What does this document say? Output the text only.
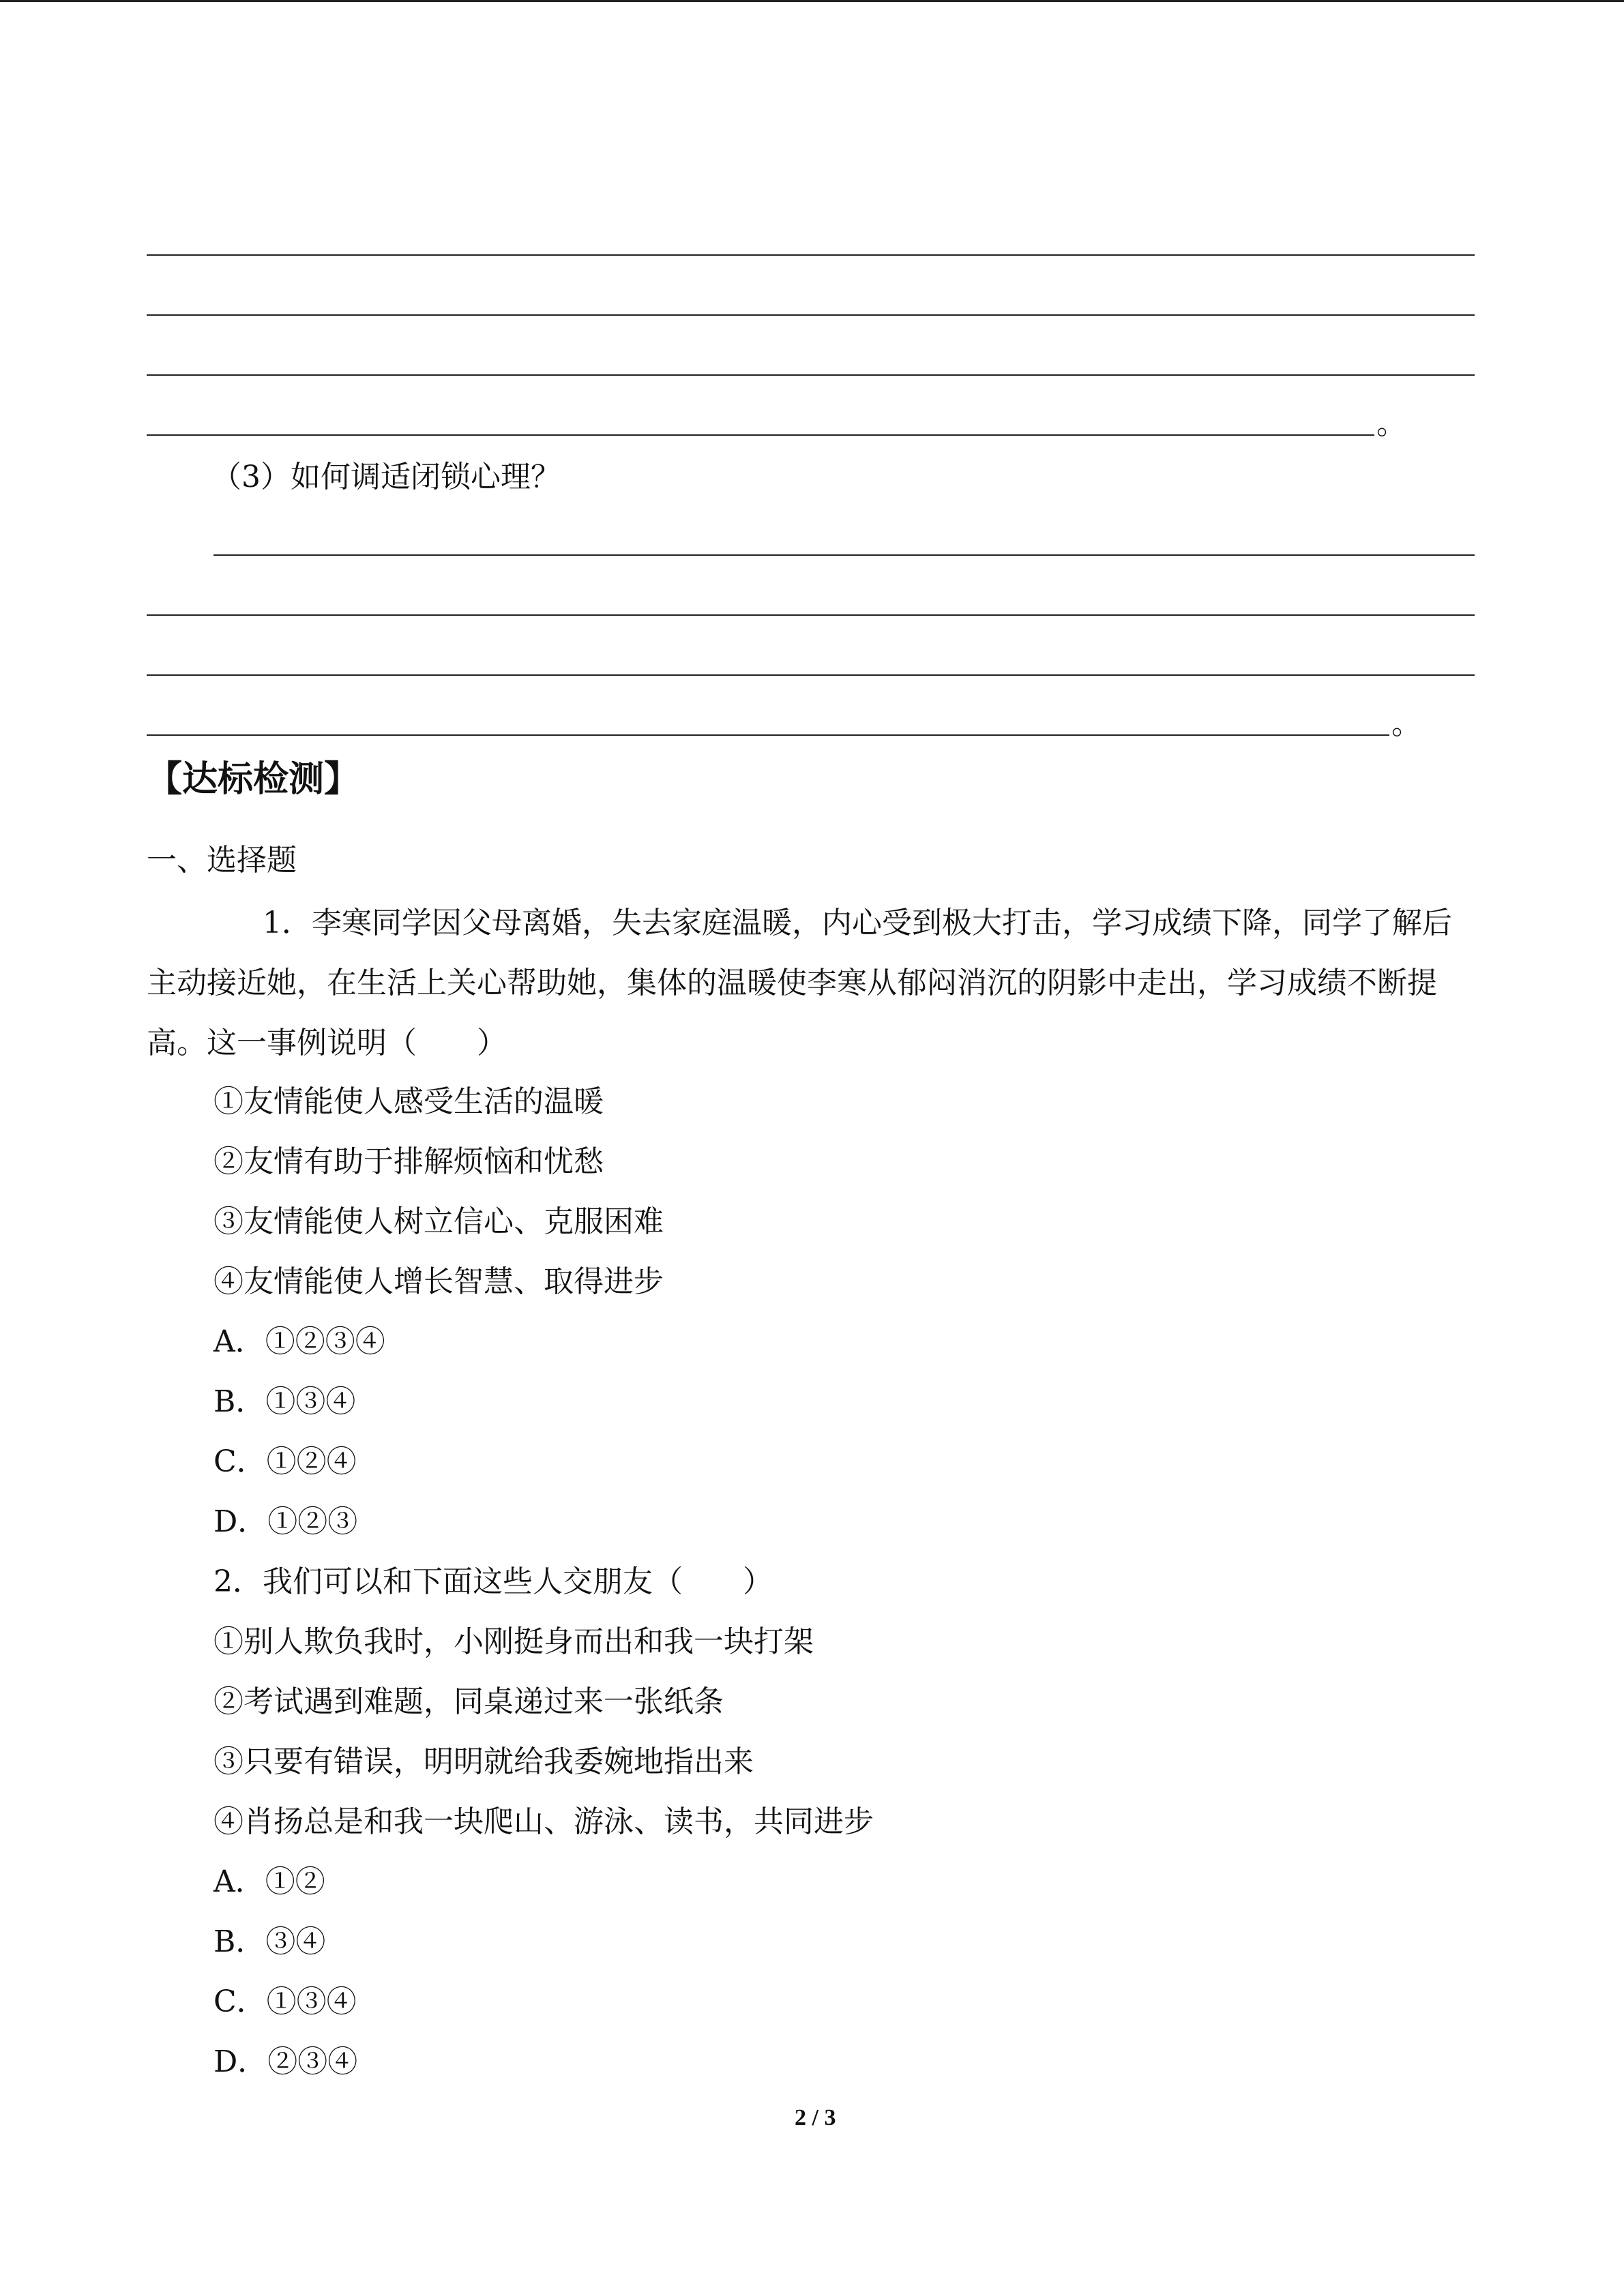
。
（3）如何调适闭锁心理？
。
【达标检测】
一、选择题
1．李寒同学因父母离婚，失去家庭温暖，内心受到极大打击，学习成绩下降，同学了解后主动接近她，在生活上关心帮助她，集体的温暖使李寒从郁闷消沉的阴影中走出，学习成绩不断提高。这一事例说明（　　）
①友情能使人感受生活的温暖
②友情有助于排解烦恼和忧愁
③友情能使人树立信心、克服困难
④友情能使人增长智慧、取得进步
A．①②③④
B．①③④
C．①②④
D．①②③
2．我们可以和下面这些人交朋友（　　）
①别人欺负我时，小刚挺身而出和我一块打架
②考试遇到难题，同桌递过来一张纸条
③只要有错误，明明就给我委婉地指出来
④肖扬总是和我一块爬山、游泳、读书，共同进步
A．①②
B．③④
C．①③④
D．②③④
2 / 3
